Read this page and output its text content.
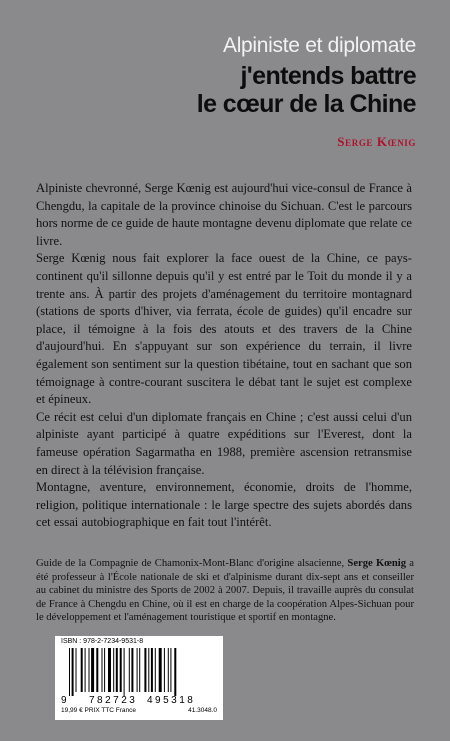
Alpiniste et diplomate
j'entends battre
le cœur de la Chine
Serge Kœnig

Alpiniste chevronné, Serge Kœnig est aujourd'hui vice-consul de France à Chengdu, la capitale de la province chinoise du Sichuan. C'est le parcours hors norme de ce guide de haute montagne devenu diplomate que relate ce livre.

Serge Kœnig nous fait explorer la face ouest de la Chine, ce pays-continent qu'il sillonne depuis qu'il y est entré par le Toit du monde il y a trente ans. À partir des projets d'aménagement du territoire montagnard (stations de sports d'hiver, via ferrata, école de guides) qu'il encadre sur place, il témoigne à la fois des atouts et des travers de la Chine d'aujourd'hui. En s'appuyant sur son expérience du terrain, il livre également son sentiment sur la question tibétaine, tout en sachant que son témoignage à contre-courant suscitera le débat tant le sujet est complexe et épineux.

Ce récit est celui d'un diplomate français en Chine ; c'est aussi celui d'un alpiniste ayant participé à quatre expéditions sur l'Everest, dont la fameuse opération Sagarmatha en 1988, première ascension retransmise en direct à la télévision française.

Montagne, aventure, environnement, économie, droits de l'homme, religion, politique internationale : le large spectre des sujets abordés dans cet essai autobiographique en fait tout l'intérêt.

Guide de la Compagnie de Chamonix-Mont-Blanc d'origine alsacienne, Serge Kœnig a été professeur à l'École nationale de ski et d'alpinisme durant dix-sept ans et conseiller au cabinet du ministre des Sports de 2002 à 2007. Depuis, il travaille auprès du consulat de France à Chengdu en Chine, où il est en charge de la coopération Alpes-Sichuan pour le développement et l'aménagement touristique et sportif en montagne.
ISBN : 978-2-7234-9531-8
9 782723 495318
19,99 € PRIX TTC France	41.3048.0
